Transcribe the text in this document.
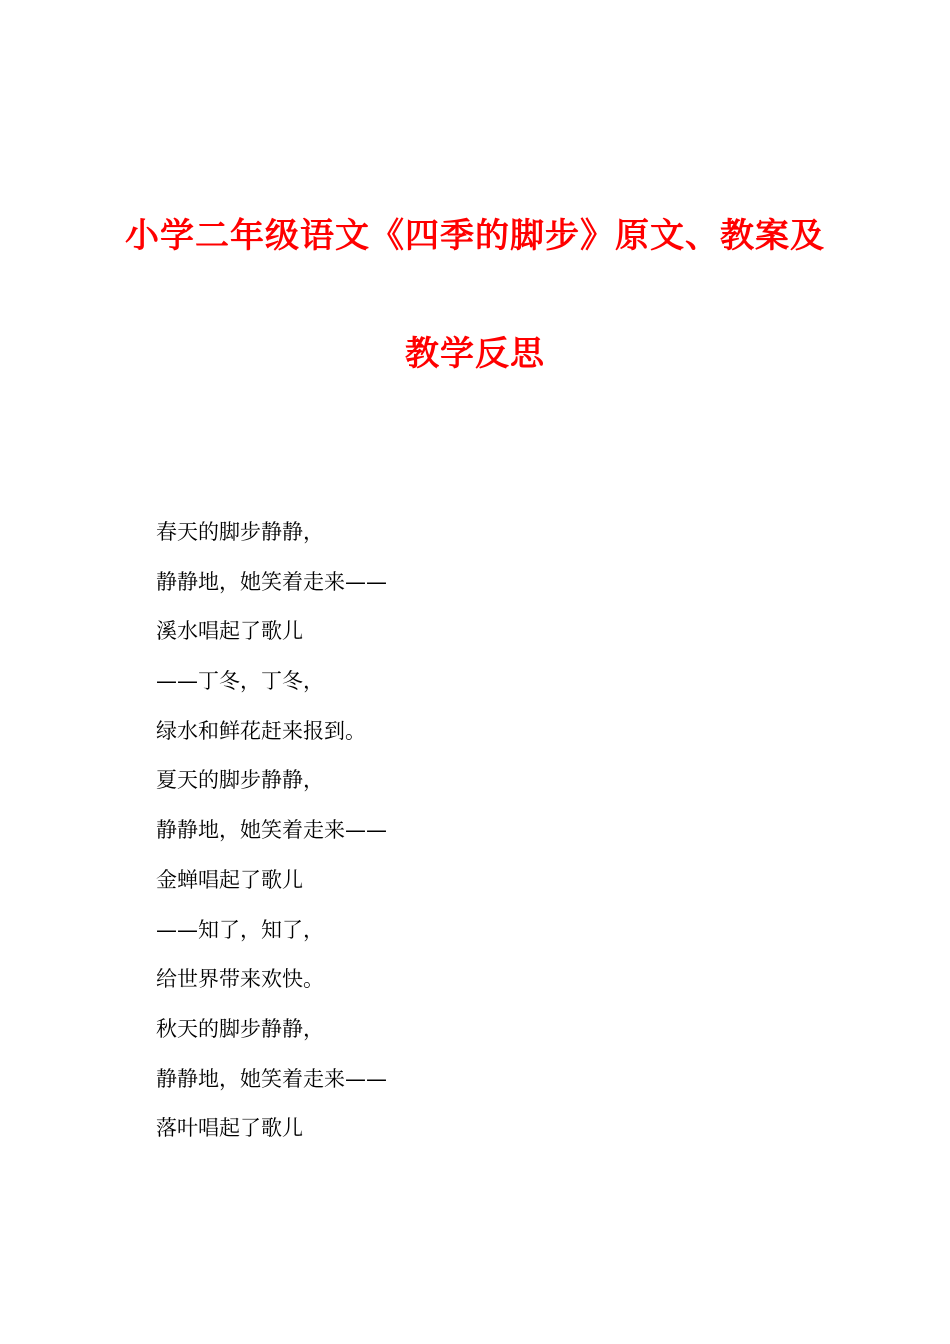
小学二年级语文《四季的脚步》原文、教案及
教学反思
春天的脚步静静，
静静地，她笑着走来——
溪水唱起了歌儿
——丁冬，丁冬，
绿水和鲜花赶来报到。
夏天的脚步静静，
静静地，她笑着走来——
金蝉唱起了歌儿
——知了，知了，
给世界带来欢快。
秋天的脚步静静，
静静地，她笑着走来——
落叶唱起了歌儿
